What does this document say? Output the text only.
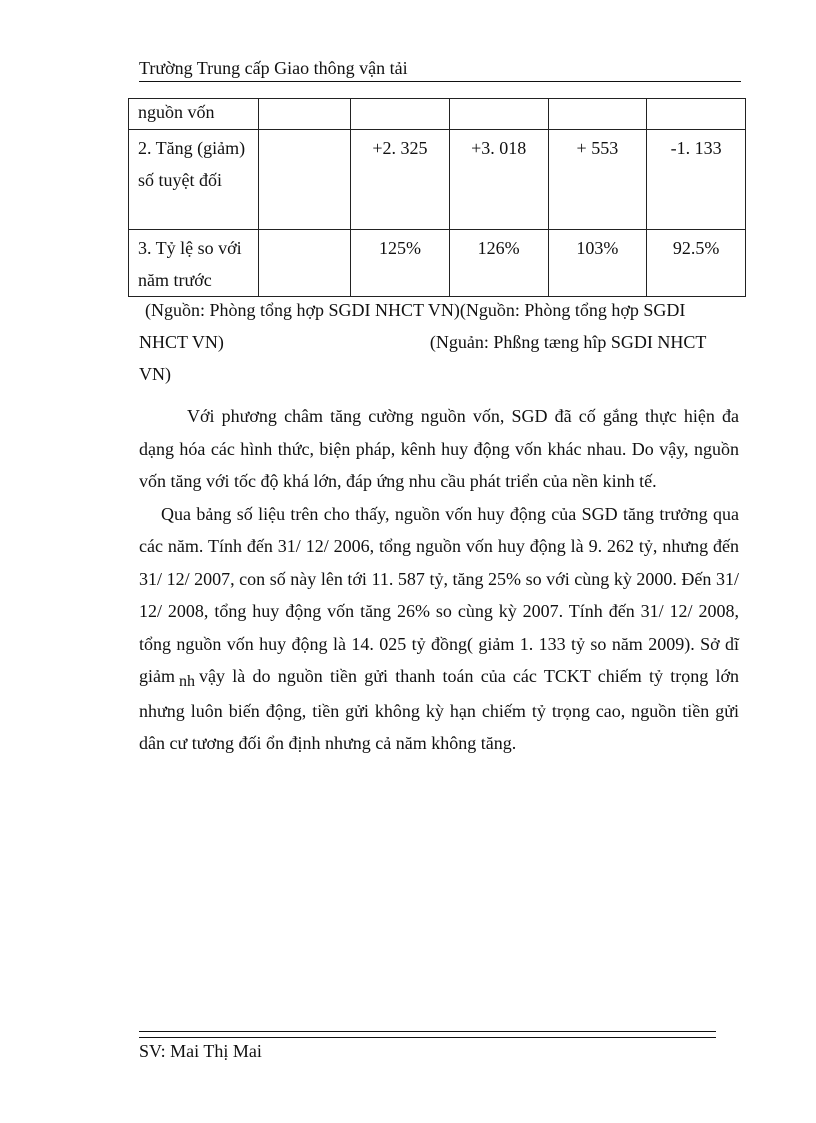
Trường Trung cấp Giao thông vận tải
nguồn vốn					
2. Tăng (giảm) số tuyệt đối		+2. 325	+3. 018	+ 553	-1. 133
3. Tỷ lệ so với năm trước		125%	126%	103%	92.5%
(Nguồn: Phòng tổng hợp SGDI NHCT VN)(Nguồn: Phòng tổng hợp SGDI
NHCT VN)	(Nguản: Phßng tæng hîp SGDI NHCT
VN)

Với phương châm tăng cường nguồn vốn, SGD đã cố gắng thực hiện đa dạng hóa các hình thức, biện pháp, kênh huy động vốn khác nhau. Do vậy, nguồn vốn tăng với tốc độ khá lớn, đáp ứng nhu cầu phát triển của nền kinh tế.

Qua bảng số liệu trên cho thấy, nguồn vốn huy động của SGD tăng trưởng qua các năm. Tính đến 31/ 12/ 2006, tổng nguồn vốn huy động là 9. 262 tỷ, nhưng đến 31/ 12/ 2007, con số này lên tới 11. 587 tỷ, tăng 25% so với cùng kỳ 2000. Đến 31/ 12/ 2008, tổng huy động vốn tăng 26% so cùng kỳ 2007. Tính đến 31/ 12/ 2008, tổng nguồn vốn huy động là 14. 025 tỷ đồng( giảm 1. 133 tỷ so năm 2009). Sở dĩ giảm nh vậy là do nguồn tiền gửi thanh toán của các TCKT chiếm tỷ trọng lớn nhưng luôn biến động, tiền gửi không kỳ hạn chiếm tỷ trọng cao, nguồn tiền gửi dân cư tương đối ổn định nhưng cả năm không tăng.

SV: Mai Thị Mai
